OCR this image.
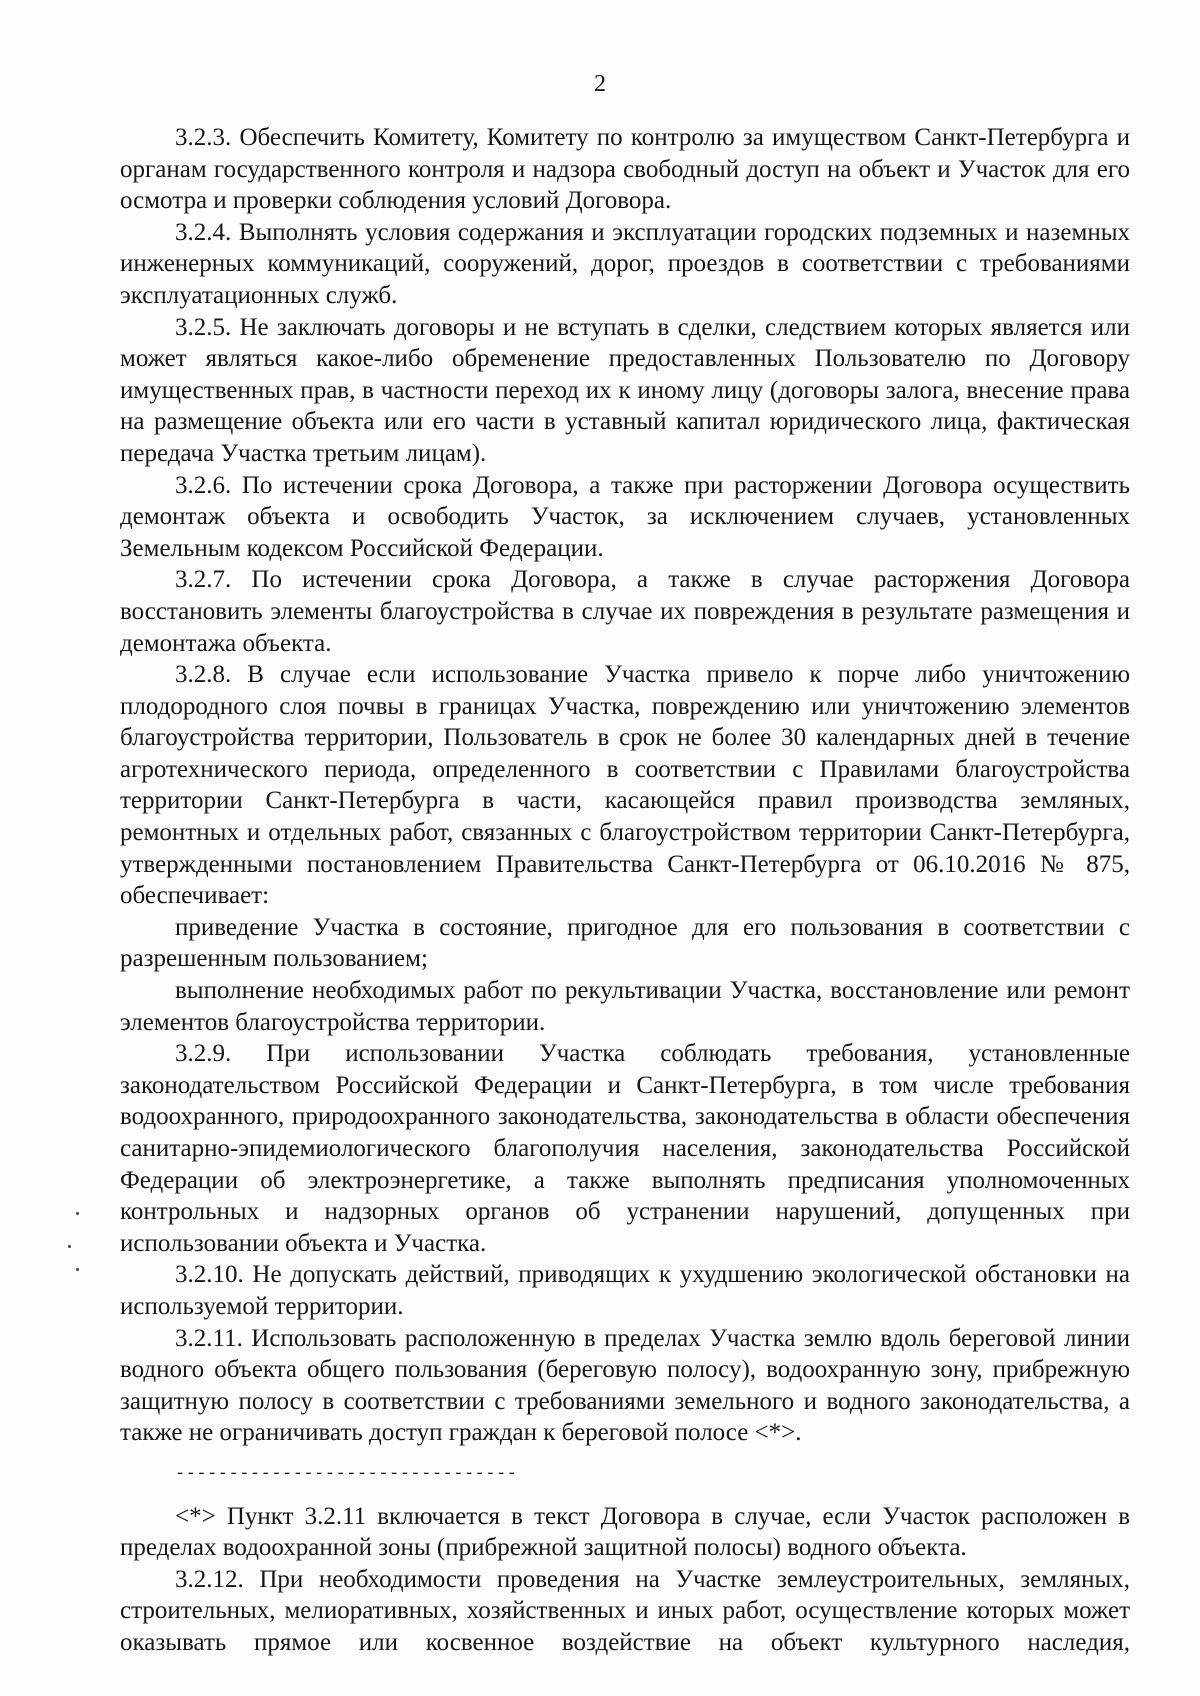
2

3.2.3. Обеспечить Комитету, Комитету по контролю за имуществом Санкт-Петербурга и органам государственного контроля и надзора свободный доступ на объект и Участок для его осмотра и проверки соблюдения условий Договора.

3.2.4. Выполнять условия содержания и эксплуатации городских подземных и наземных инженерных коммуникаций, сооружений, дорог, проездов в соответствии с требованиями эксплуатационных служб.

3.2.5. Не заключать договоры и не вступать в сделки, следствием которых является или может являться какое-либо обременение предоставленных Пользователю по Договору имущественных прав, в частности переход их к иному лицу (договоры залога, внесение права на размещение объекта или его части в уставный капитал юридического лица, фактическая передача Участка третьим лицам).

3.2.6. По истечении срока Договора, а также при расторжении Договора осуществить демонтаж объекта и освободить Участок, за исключением случаев, установленных Земельным кодексом Российской Федерации.

3.2.7. По истечении срока Договора, а также в случае расторжения Договора восстановить элементы благоустройства в случае их повреждения в результате размещения и демонтажа объекта.

3.2.8. В случае если использование Участка привело к порче либо уничтожению плодородного слоя почвы в границах Участка, повреждению или уничтожению элементов благоустройства территории, Пользователь в срок не более 30 календарных дней в течение агротехнического периода, определенного в соответствии с Правилами благоустройства территории Санкт-Петербурга в части, касающейся правил производства земляных, ремонтных и отдельных работ, связанных с благоустройством территории Санкт-Петербурга, утвержденными постановлением Правительства Санкт-Петербурга от 06.10.2016 № 875, обеспечивает:

приведение Участка в состояние, пригодное для его пользования в соответствии с разрешенным пользованием;

выполнение необходимых работ по рекультивации Участка, восстановление или ремонт элементов благоустройства территории.

3.2.9. При использовании Участка соблюдать требования, установленные законодательством Российской Федерации и Санкт-Петербурга, в том числе требования водоохранного, природоохранного законодательства, законодательства в области обеспечения санитарно-эпидемиологического благополучия населения, законодательства Российской Федерации об электроэнергетике, а также выполнять предписания уполномоченных контрольных и надзорных органов об устранении нарушений, допущенных при использовании объекта и Участка.

3.2.10. Не допускать действий, приводящих к ухудшению экологической обстановки на используемой территории.

3.2.11. Использовать расположенную в пределах Участка землю вдоль береговой линии водного объекта общего пользования (береговую полосу), водоохранную зону, прибрежную защитную полосу в соответствии с требованиями земельного и водного законодательства, а также не ограничивать доступ граждан к береговой полосе <*>.

--------------------------------

<*> Пункт 3.2.11 включается в текст Договора в случае, если Участок расположен в пределах водоохранной зоны (прибрежной защитной полосы) водного объекта.

3.2.12. При необходимости проведения на Участке землеустроительных, земляных, строительных, мелиоративных, хозяйственных и иных работ, осуществление которых может оказывать прямое или косвенное воздействие на объект культурного наследия,
